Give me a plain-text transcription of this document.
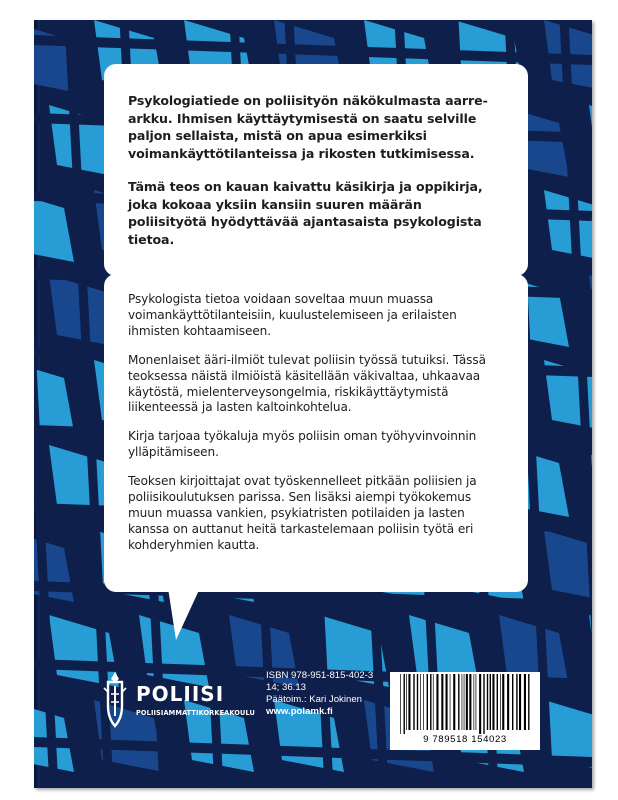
Psykologiatiede on poliisityön näkökulmasta aarre-arkku. Ihmisen käyttäytymisestä on saatu selville paljon sellaista, mistä on apua esimerkiksi voimankäyttötilanteissa ja rikosten tutkimisessa.

Tämä teos on kauan kaivattu käsikirja ja oppikirja, joka kokoaa yksiin kansiin suuren määrän poliisityötä hyödyttävää ajantasaista psykologista tietoa.

Psykologista tietoa voidaan soveltaa muun muassa voimankäyttötilanteisiin, kuulustelemiseen ja erilaisten ihmisten kohtaamiseen.

Monenlaiset ääri-ilmiöt tulevat poliisin työssä tutuiksi. Tässä teoksessa näistä ilmiöistä käsitellään väkivaltaa, uhkaavaa käytöstä, mielenterveysongelmia, riskikäyttäytymistä liikenteessä ja lasten kaltoinkohtelua.

Kirja tarjoaa työkaluja myös poliisin oman työhyvinvoinnin ylläpitämiseen.

Teoksen kirjoittajat ovat työskennelleet pitkään poliisien ja poliisikoulutuksen parissa. Sen lisäksi aiempi työkokemus muun muassa vankien, psykiatristen potilaiden ja lasten kanssa on auttanut heitä tarkastelemaan poliisin työtä eri kohderyhmien kautta.

POLIISI
POLIISIAMMATTIKORKEAKOULU
ISBN 978-951-815-402-3
14; 36.13
Päätoim.: Kari Jokinen
www.polamk.fi
9 789518 154023
